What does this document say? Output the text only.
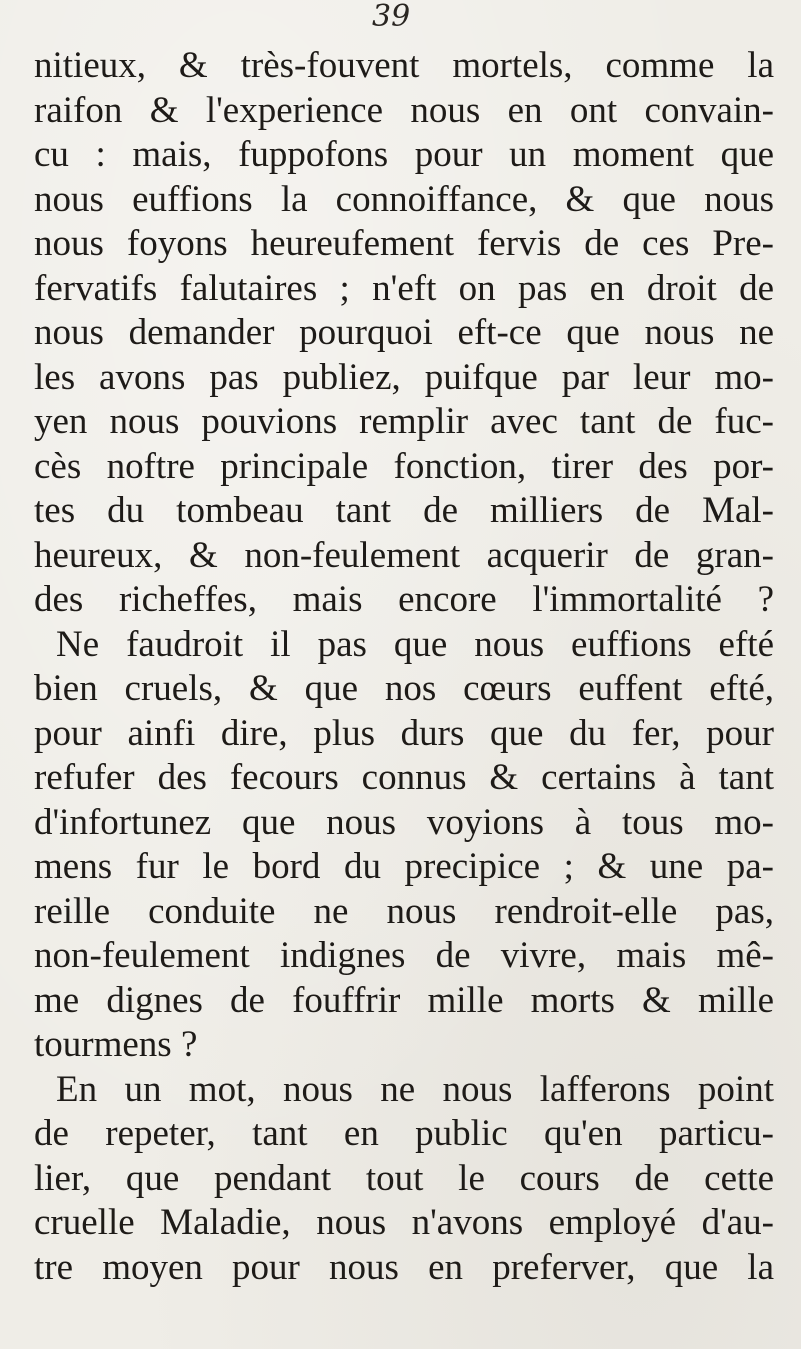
39
nitieux, & très-fouvent mortels, comme la
raifon & l'experience nous en ont convain-
cu : mais, fuppofons pour un moment que
nous euffions la connoiffance, & que nous
nous foyons heureufement fervis de ces Pre-
fervatifs falutaires ; n'eft on pas en droit de
nous demander pourquoi eft-ce que nous ne
les avons pas publiez, puifque par leur mo-
yen nous pouvions remplir avec tant de fuc-
cès noftre principale fonction, tirer des por-
tes du tombeau tant de milliers de Mal-
heureux, & non-feulement acquerir de gran-
des richeffes, mais encore l'immortalité ?
Ne faudroit il pas que nous euffions efté
bien cruels, & que nos cœurs euffent efté,
pour ainfi dire, plus durs que du fer, pour
refufer des fecours connus & certains à tant
d'infortunez que nous voyions à tous mo-
mens fur le bord du precipice ; & une pa-
reille conduite ne nous rendroit-elle pas,
non-feulement indignes de vivre, mais mê-
me dignes de fouffrir mille morts & mille
tourmens ?
En un mot, nous ne nous lafferons point
de repeter, tant en public qu'en particu-
lier, que pendant tout le cours de cette
cruelle Maladie, nous n'avons employé d'au-
tre moyen pour nous en preferver, que la
